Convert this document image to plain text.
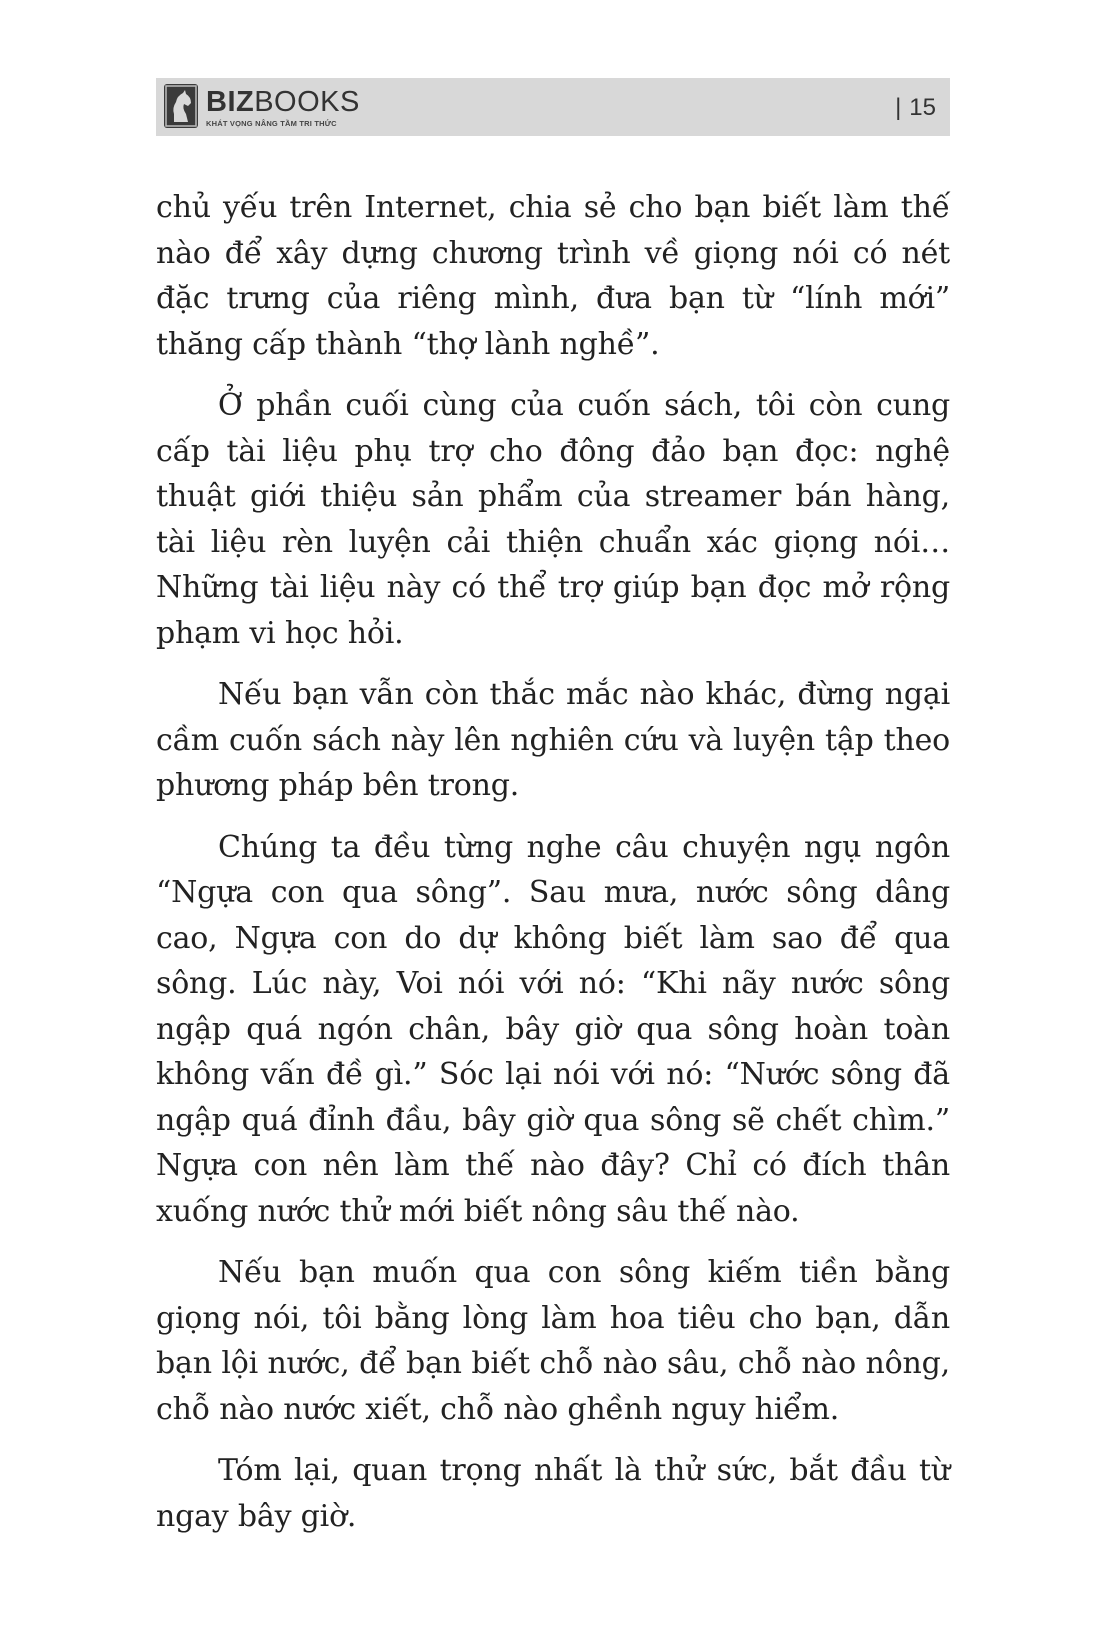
BIZBOOKS
KHÁT VỌNG NÂNG TẦM TRI THỨC
| 15

chủ yếu trên Internet, chia sẻ cho bạn biết làm thế nào để xây dựng chương trình về giọng nói có nét đặc trưng của riêng mình, đưa bạn từ “lính mới” thăng cấp thành “thợ lành nghề”.

Ở phần cuối cùng của cuốn sách, tôi còn cung cấp tài liệu phụ trợ cho đông đảo bạn đọc: nghệ thuật giới thiệu sản phẩm của streamer bán hàng, tài liệu rèn luyện cải thiện chuẩn xác giọng nói… Những tài liệu này có thể trợ giúp bạn đọc mở rộng phạm vi học hỏi.

Nếu bạn vẫn còn thắc mắc nào khác, đừng ngại cầm cuốn sách này lên nghiên cứu và luyện tập theo phương pháp bên trong.

Chúng ta đều từng nghe câu chuyện ngụ ngôn “Ngựa con qua sông”. Sau mưa, nước sông dâng cao, Ngựa con do dự không biết làm sao để qua sông. Lúc này, Voi nói với nó: “Khi nãy nước sông ngập quá ngón chân, bây giờ qua sông hoàn toàn không vấn đề gì.” Sóc lại nói với nó: “Nước sông đã ngập quá đỉnh đầu, bây giờ qua sông sẽ chết chìm.” Ngựa con nên làm thế nào đây? Chỉ có đích thân xuống nước thử mới biết nông sâu thế nào.

Nếu bạn muốn qua con sông kiếm tiền bằng giọng nói, tôi bằng lòng làm hoa tiêu cho bạn, dẫn bạn lội nước, để bạn biết chỗ nào sâu, chỗ nào nông, chỗ nào nước xiết, chỗ nào ghềnh nguy hiểm.

Tóm lại, quan trọng nhất là thử sức, bắt đầu từ ngay bây giờ.
